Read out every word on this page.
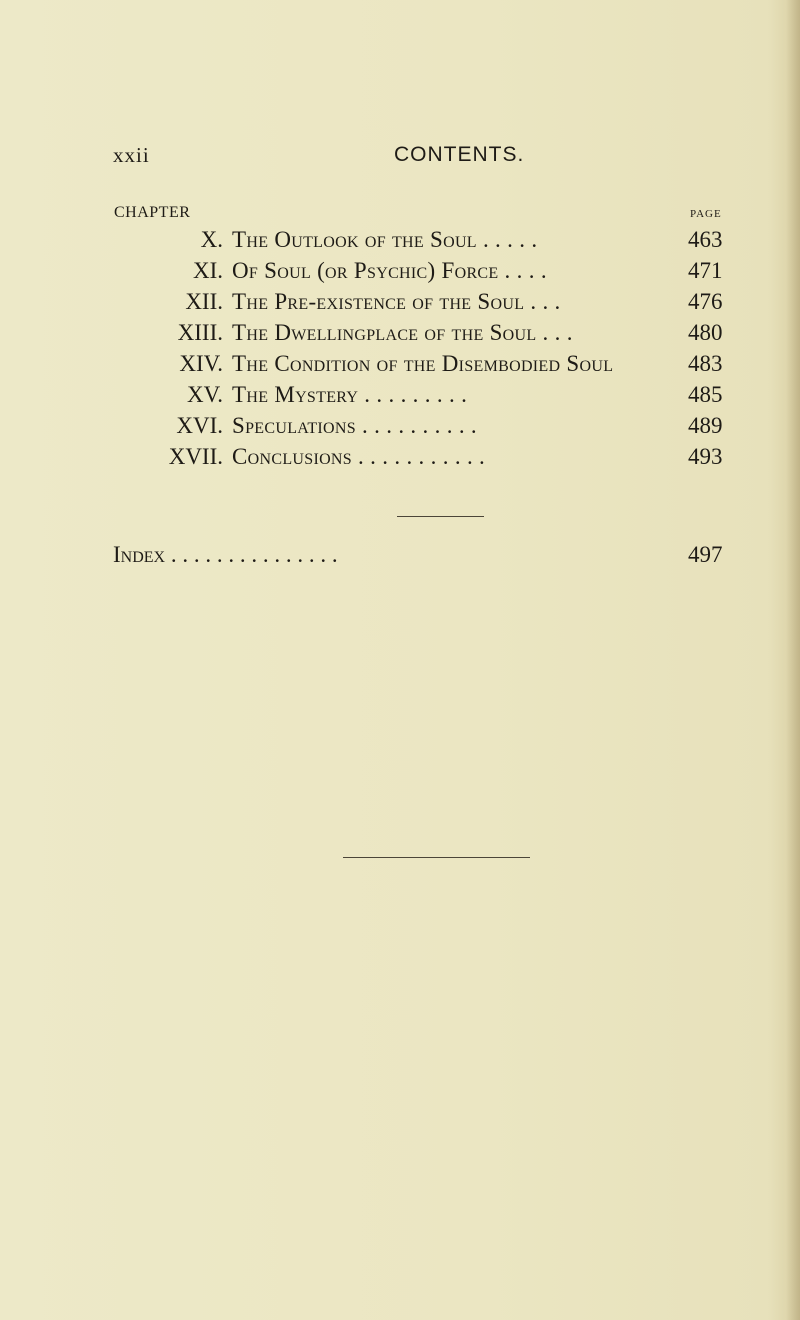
xxii	CONTENTS.
CHAPTER	PAGE
X. The Outlook of the Soul . . . . .	463
XI. Of Soul (or Psychic) Force . . . .	471
XII. The Pre-existence of the Soul . . .	476
XIII. The Dwellingplace of the Soul . . .	480
XIV. The Condition of the Disembodied Soul	483
XV. The Mystery . . . . . . . . .	485
XVI. Speculations . . . . . . . . . .	489
XVII. Conclusions . . . . . . . . . . .	493
Index . . . . . . . . . . . . . . .	497
